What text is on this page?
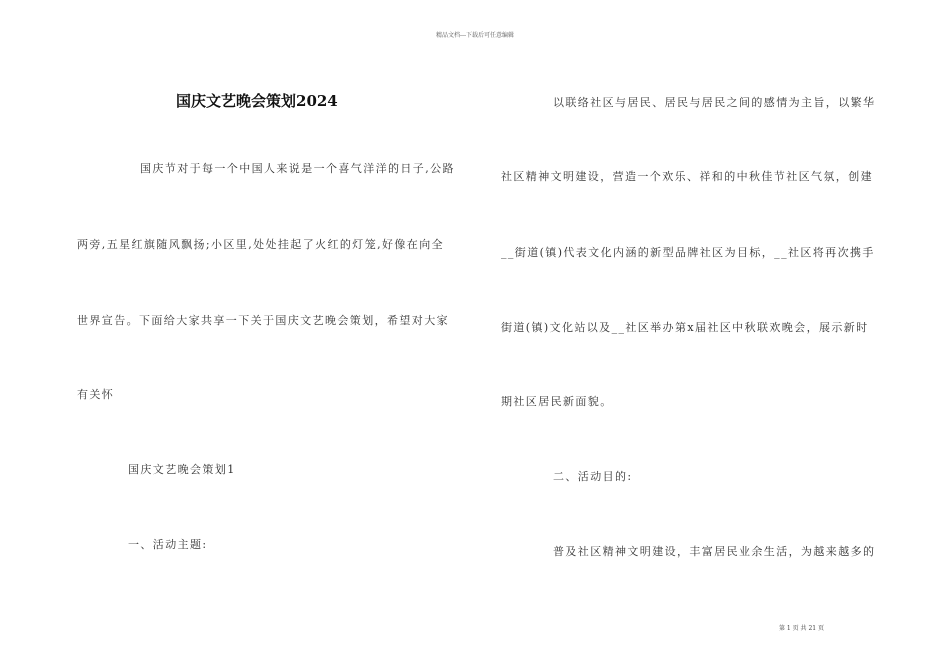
精品文档---下载后可任意编辑
国庆文艺晚会策划2024
国庆节对于每一个中国人来说是一个喜气洋洋的日子,公路
两旁,五星红旗随风飘扬;小区里,处处挂起了火红的灯笼,好像在向全
世界宣告。下面给大家共享一下关于国庆文艺晚会策划，希望对大家
有关怀
国庆文艺晚会策划1
一、活动主题:
以联络社区与居民、居民与居民之间的感情为主旨，以繁华
社区精神文明建设，营造一个欢乐、祥和的中秋佳节社区气氛，创建
__街道(镇)代表文化内涵的新型品牌社区为目标，__社区将再次携手
街道(镇)文化站以及__社区举办第x届社区中秋联欢晚会，展示新时
期社区居民新面貌。
二、活动目的:
普及社区精神文明建设，丰富居民业余生活，为越来越多的
第 1 页 共 21 页
